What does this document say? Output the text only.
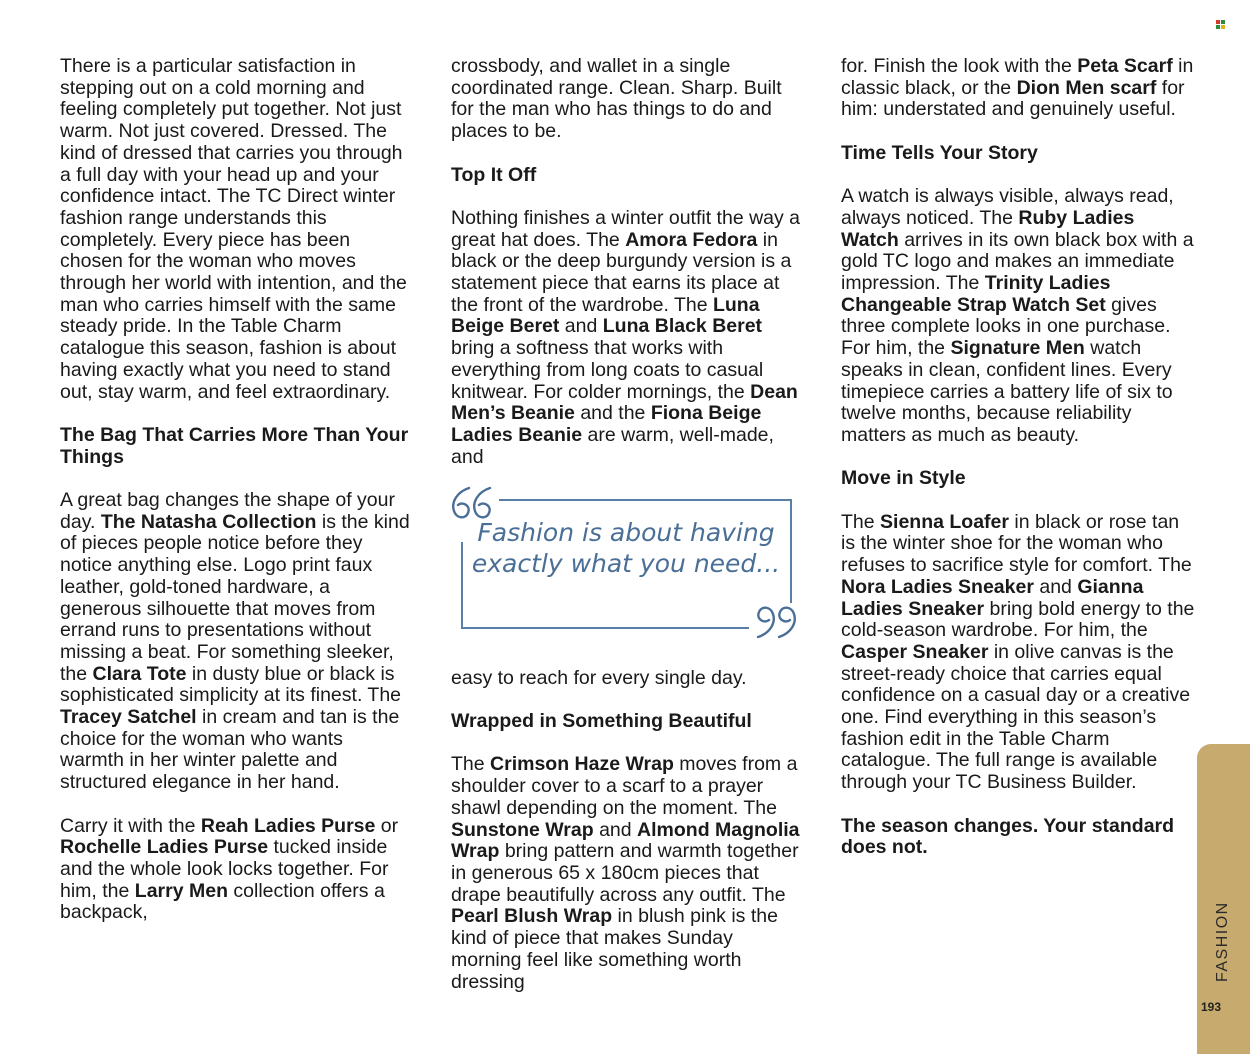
There is a particular satisfaction in stepping out on a cold morning and feeling completely put together. Not just warm. Not just covered. Dressed. The kind of dressed that carries you through a full day with your head up and your confidence intact. The TC Direct winter fashion range understands this completely. Every piece has been chosen for the woman who moves through her world with intention, and the man who carries himself with the same steady pride. In the Table Charm catalogue this season, fashion is about having exactly what you need to stand out, stay warm, and feel extraordinary.

The Bag That Carries More Than Your Things

A great bag changes the shape of your day. The Natasha Collection is the kind of pieces people notice before they notice anything else. Logo print faux leather, gold-toned hardware, a generous silhouette that moves from errand runs to presentations without missing a beat. For something sleeker, the Clara Tote in dusty blue or black is sophisticated simplicity at its finest. The Tracey Satchel in cream and tan is the choice for the woman who wants warmth in her winter palette and structured elegance in her hand.

Carry it with the Reah Ladies Purse or Rochelle Ladies Purse tucked inside and the whole look locks together. For him, the Larry Men collection offers a backpack,

crossbody, and wallet in a single coordinated range. Clean. Sharp. Built for the man who has things to do and places to be.

Top It Off

Nothing finishes a winter outfit the way a great hat does. The Amora Fedora in black or the deep burgundy version is a statement piece that earns its place at the front of the wardrobe. The Luna Beige Beret and Luna Black Beret bring a softness that works with everything from long coats to casual knitwear. For colder mornings, the Dean Men’s Beanie and the Fiona Beige Ladies Beanie are warm, well-made, and

Fashion is about having exactly what you need...

easy to reach for every single day.

Wrapped in Something Beautiful

The Crimson Haze Wrap moves from a shoulder cover to a scarf to a prayer shawl depending on the moment. The Sunstone Wrap and Almond Magnolia Wrap bring pattern and warmth together in generous 65 x 180cm pieces that drape beautifully across any outfit. The Pearl Blush Wrap in blush pink is the kind of piece that makes Sunday morning feel like something worth dressing

for. Finish the look with the Peta Scarf in classic black, or the Dion Men scarf for him: understated and genuinely useful.

Time Tells Your Story

A watch is always visible, always read, always noticed. The Ruby Ladies Watch arrives in its own black box with a gold TC logo and makes an immediate impression. The Trinity Ladies Changeable Strap Watch Set gives three complete looks in one purchase. For him, the Signature Men watch speaks in clean, confident lines. Every timepiece carries a battery life of six to twelve months, because reliability matters as much as beauty.

Move in Style

The Sienna Loafer in black or rose tan is the winter shoe for the woman who refuses to sacrifice style for comfort. The Nora Ladies Sneaker and Gianna Ladies Sneaker bring bold energy to the cold-season wardrobe. For him, the Casper Sneaker in olive canvas is the street-ready choice that carries equal confidence on a casual day or a creative one. Find everything in this season’s fashion edit in the Table Charm catalogue. The full range is available through your TC Business Builder.

The season changes. Your standard does not.

FASHION
193
